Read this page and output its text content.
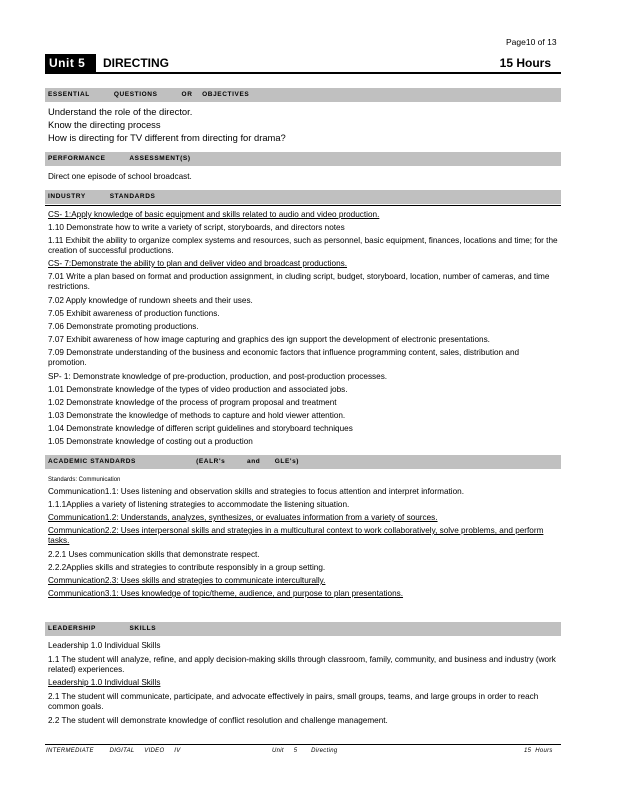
Page10 of 13
Unit 5	DIRECTING	15 Hours
ESSENTIAL          QUESTIONS          OR    OBJECTIVES
Understand the role of the director.
Know the directing process
How is directing for TV different from directing for drama?
PERFORMANCE          ASSESSMENT(S)
Direct one episode of school broadcast.
INDUSTRY          STANDARDS
CS- 1:Apply knowledge of basic equipment and skills related to audio and video production.
1.10 Demonstrate how to write a variety of script, storyboards, and directors notes
1.11 Exhibit the ability to organize complex systems and resources, such as personnel, basic equipment, finances, locations and time; for the creation of successful productions.
CS- 7:Demonstrate the ability to plan and deliver video and broadcast productions.
7.01 Write a plan based on format and production assignment, in cluding script, budget, storyboard, location, number of cameras, and time restrictions.
7.02 Apply knowledge of rundown sheets and their uses.
7.05 Exhibit awareness of production functions.
7.06 Demonstrate promoting productions.
7.07 Exhibit awareness of how image capturing and graphics des ign support the development of electronic presentations.
7.09 Demonstrate understanding of the business and economic factors that influence programming content, sales, distribution and promotion.
SP- 1: Demonstrate knowledge of pre-production, production, and post-production processes.
1.01 Demonstrate knowledge of the types of video production and associated jobs.
1.02 Demonstrate knowledge of the process of program proposal and treatment
1.03 Demonstrate the knowledge of methods to capture and hold viewer attention.
1.04 Demonstrate knowledge of differen script guidelines and storyboard techniques
1.05 Demonstrate knowledge of costing out a production
ACADEMIC STANDARDS                         (EALR's         and      GLE's)
Standards: Communication
Communication1.1: Uses listening and observation skills and strategies to focus attention and interpret information.
1.1.1Applies a variety of listening strategies to accommodate the listening situation.
Communication1.2: Understands, analyzes, synthesizes, or evaluates information from a variety of sources.
Communication2.2: Uses interpersonal skills and strategies in a multicultural context to work collaboratively, solve problems, and perform tasks.
2.2.1 Uses communication skills that demonstrate respect.
2.2.2Applies skills and strategies to contribute responsibly in a group setting.
Communication2.3: Uses skills and strategies to communicate interculturally.
Communication3.1: Uses knowledge of topic/theme, audience, and purpose to plan presentations.
LEADERSHIP              SKILLS
Leadership 1.0 Individual Skills
1.1 The student will analyze, refine, and apply decision-making skills through classroom, family, community, and business and industry (work related) experiences.
Leadership 1.0 Individual Skills
2.1 The student will communicate, participate, and advocate effectively in pairs, small groups, teams, and large groups in order to reach common goals.
2.2 The student will demonstrate knowledge of conflict resolution and challenge management.
INTERMEDIATE        DIGITAL     VIDEO     IV	Unit     5       Directing	15  Hours
